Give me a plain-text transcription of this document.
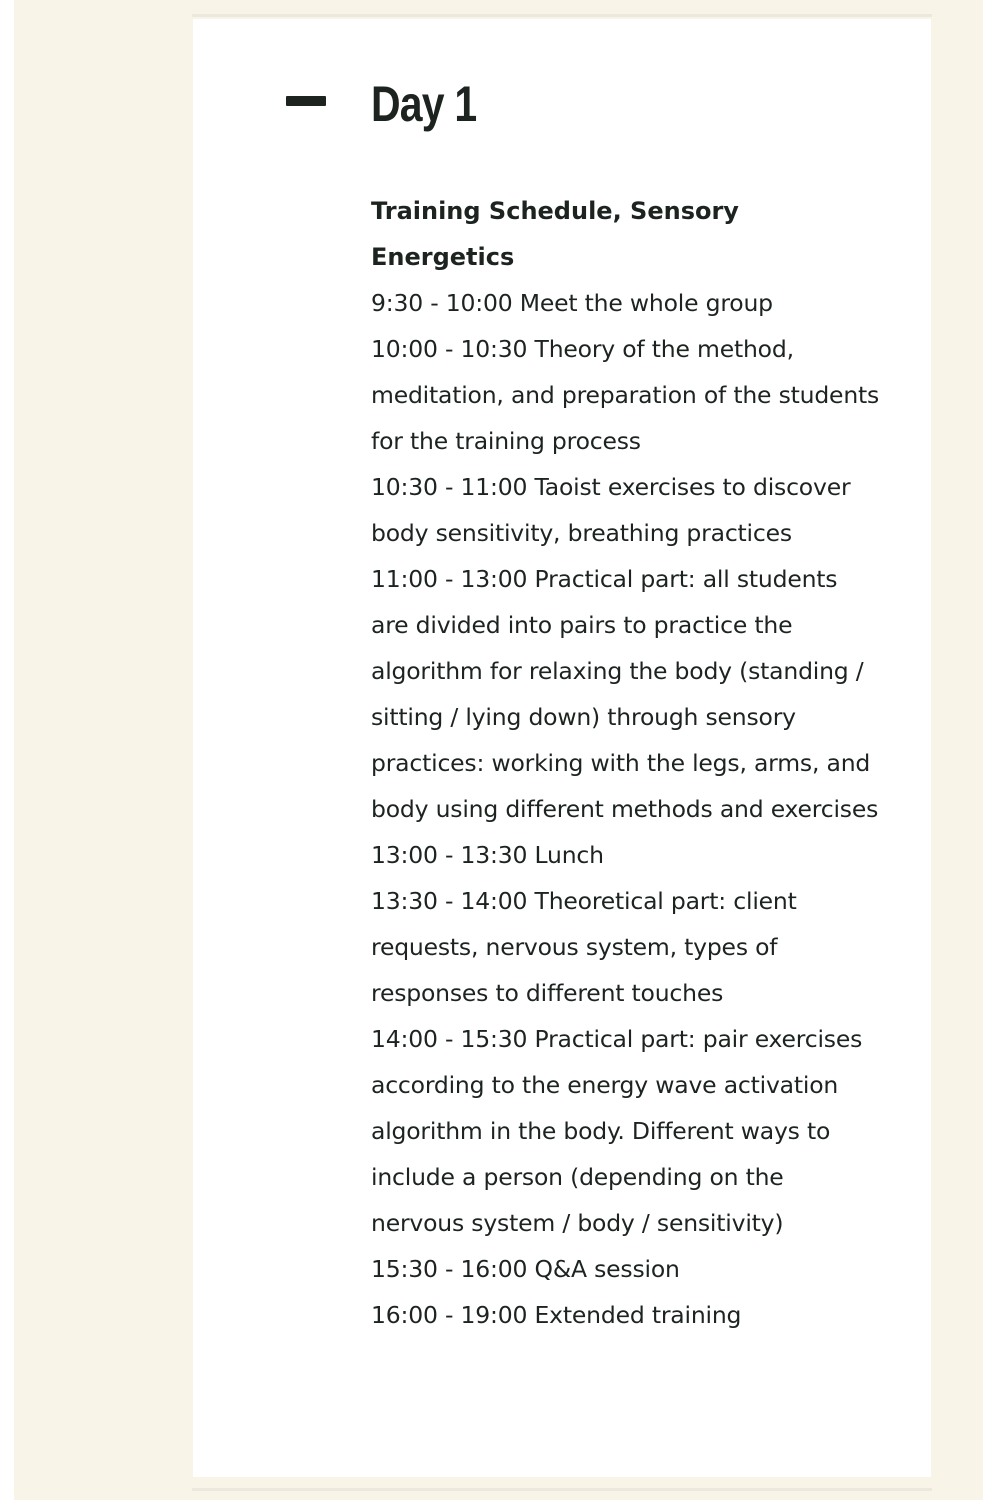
Day 1
Training Schedule, Sensory Energetics
9:30 - 10:00 Meet the whole group
10:00 - 10:30 Theory of the method, meditation, and preparation of the students for the training process
10:30 - 11:00 Taoist exercises to discover body sensitivity, breathing practices
11:00 - 13:00 Practical part: all students are divided into pairs to practice the algorithm for relaxing the body (standing / sitting / lying down) through sensory practices: working with the legs, arms, and body using different methods and exercises
13:00 - 13:30 Lunch
13:30 - 14:00 Theoretical part: client requests, nervous system, types of responses to different touches
14:00 - 15:30 Practical part: pair exercises according to the energy wave activation algorithm in the body. Different ways to include a person (depending on the nervous system / body / sensitivity)
15:30 - 16:00 Q&A session
16:00 - 19:00 Extended training
